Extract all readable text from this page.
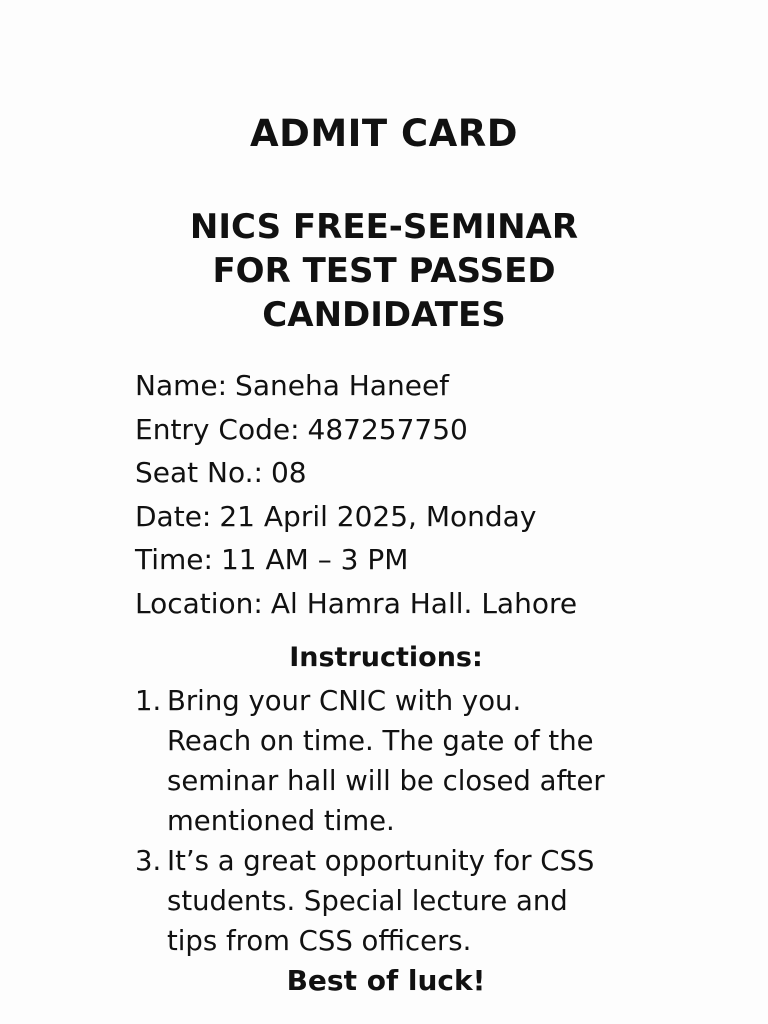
ADMIT CARD
NICS FREE-SEMINAR
FOR TEST PASSED
CANDIDATES
Name: Saneha Haneef
Entry Code: 487257750
Seat No.: 08
Date: 21 April 2025, Monday
Time: 11 AM – 3 PM
Location: Al Hamra Hall. Lahore
Instructions:
1. Bring your CNIC with you.
Reach on time. The gate of the
seminar hall will be closed after
mentioned time.
3. It’s a great opportunity for CSS
students. Special lecture and
tips from CSS officers.
Best of luck!
